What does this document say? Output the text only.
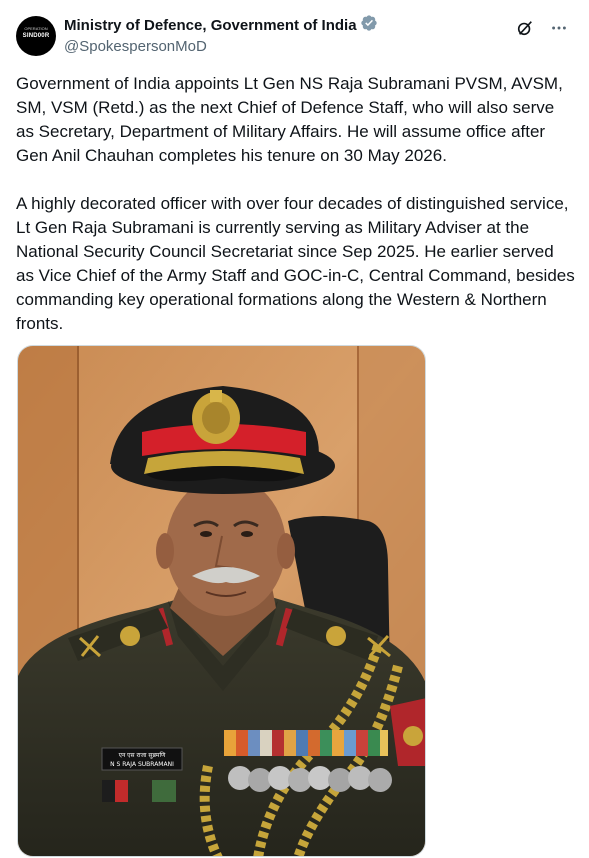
OPERATION
SIND00R
Ministry of Defence, Government of India
@SpokespersonMoD

Government of India appoints Lt Gen NS Raja Subramani PVSM, AVSM, SM, VSM (Retd.) as the next Chief of Defence Staff, who will also serve as Secretary, Department of Military Affairs. He will assume office after Gen Anil Chauhan completes his tenure on 30 May 2026.

A highly decorated officer with over four decades of distinguished service, Lt Gen Raja Subramani is currently serving as Military Adviser at the National Security Council Secretariat since Sep 2025. He earlier served as Vice Chief of the Army Staff and GOC-in-C, Central Command, besides commanding key operational formations along the Western & Northern fronts.

एन एस राजा सुब्रमणि
N S RAJA SUBRAMANI
